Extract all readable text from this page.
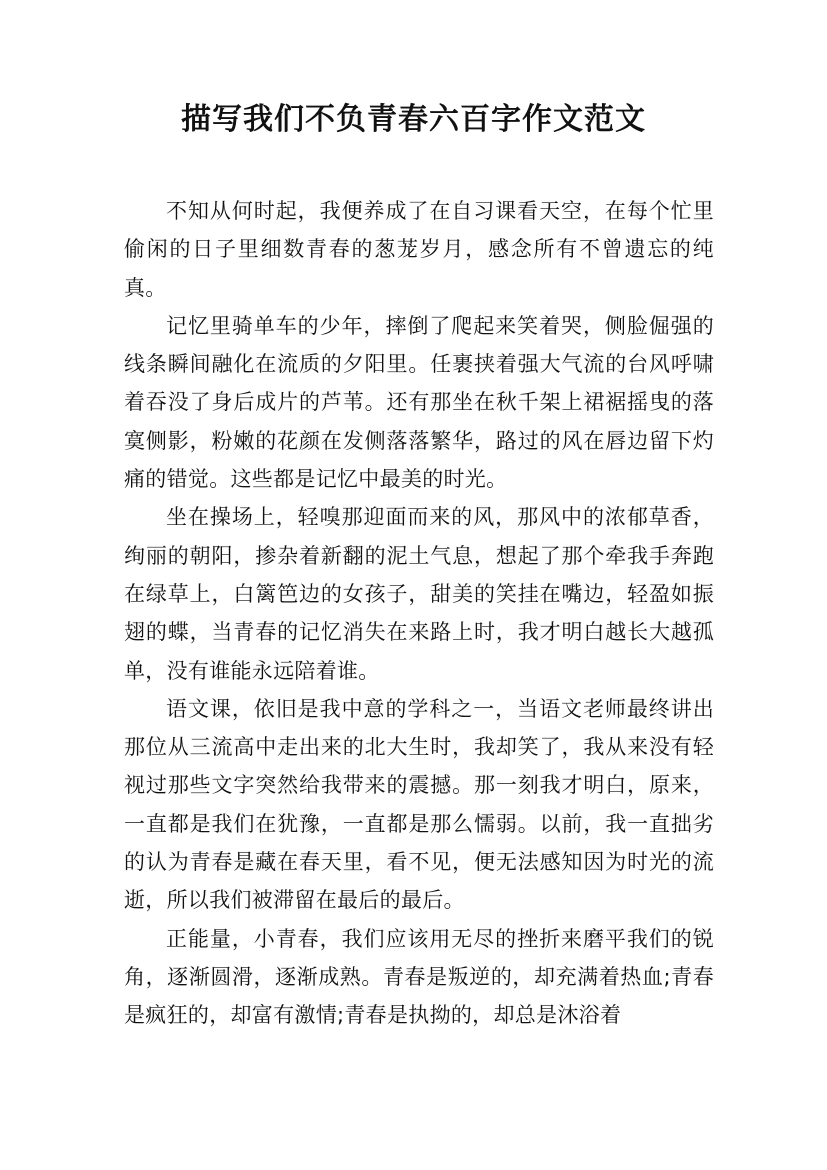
描写我们不负青春六百字作文范文

不知从何时起，我便养成了在自习课看天空，在每个忙里偷闲的日子里细数青春的葱茏岁月，感念所有不曾遗忘的纯真。

记忆里骑单车的少年，摔倒了爬起来笑着哭，侧脸倔强的线条瞬间融化在流质的夕阳里。任裹挟着强大气流的台风呼啸着吞没了身后成片的芦苇。还有那坐在秋千架上裙裾摇曳的落寞侧影，粉嫩的花颜在发侧落落繁华，路过的风在唇边留下灼痛的错觉。这些都是记忆中最美的时光。

坐在操场上，轻嗅那迎面而来的风，那风中的浓郁草香，绚丽的朝阳，掺杂着新翻的泥土气息，想起了那个牵我手奔跑在绿草上，白篱笆边的女孩子，甜美的笑挂在嘴边，轻盈如振翅的蝶，当青春的记忆消失在来路上时，我才明白越长大越孤单，没有谁能永远陪着谁。

语文课，依旧是我中意的学科之一，当语文老师最终讲出那位从三流高中走出来的北大生时，我却笑了，我从来没有轻视过那些文字突然给我带来的震撼。那一刻我才明白，原来，一直都是我们在犹豫，一直都是那么懦弱。以前，我一直拙劣的认为青春是藏在春天里，看不见，便无法感知因为时光的流逝，所以我们被滞留在最后的最后。

正能量，小青春，我们应该用无尽的挫折来磨平我们的锐角，逐渐圆滑，逐渐成熟。青春是叛逆的，却充满着热血;青春是疯狂的，却富有激情;青春是执拗的，却总是沐浴着
